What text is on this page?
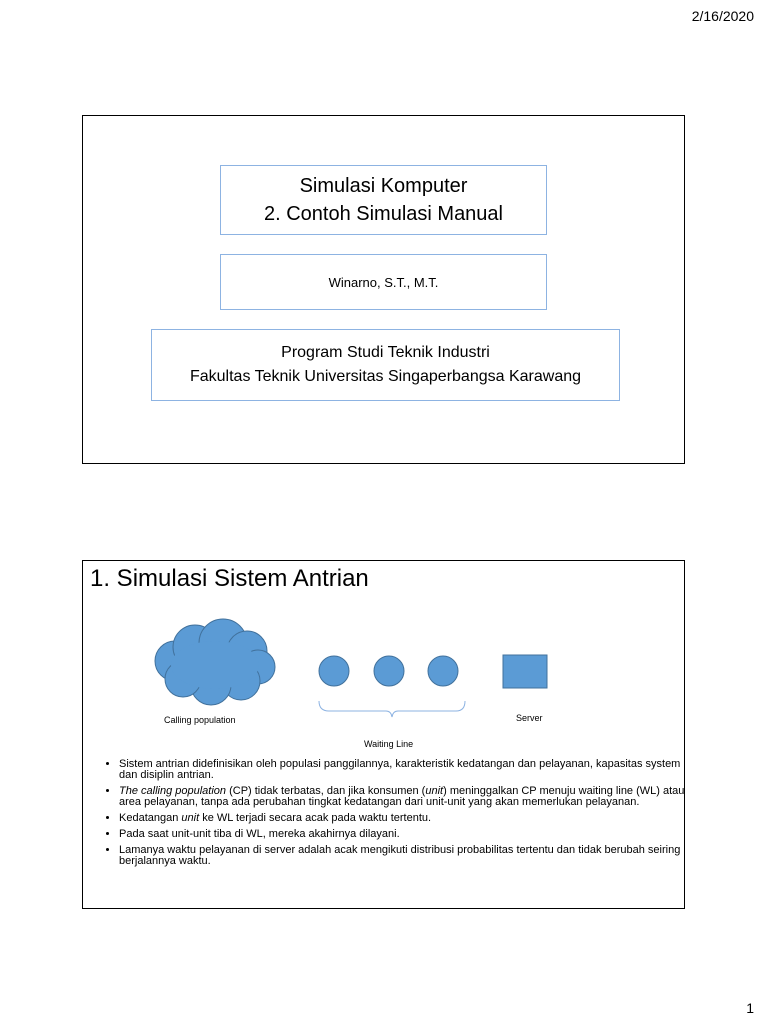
2/16/2020
Simulasi Komputer
2. Contoh Simulasi Manual
Winarno, S.T., M.T.
Program Studi Teknik Industri
Fakultas Teknik Universitas Singaperbangsa Karawang
1. Simulasi Sistem Antrian
Calling population	Server
Waiting Line
• Sistem antrian didefinisikan oleh populasi panggilannya, karakteristik kedatangan dan pelayanan, kapasitas system dan disiplin antrian.
• The calling population (CP) tidak terbatas, dan jika konsumen (unit) meninggalkan CP menuju waiting line (WL) atau area pelayanan, tanpa ada perubahan tingkat kedatangan dari unit-unit yang akan memerlukan pelayanan.
• Kedatangan unit ke WL terjadi secara acak pada waktu tertentu.
• Pada saat unit-unit tiba di WL, mereka akahirnya dilayani.
• Lamanya waktu pelayanan di server adalah acak mengikuti distribusi probabilitas tertentu dan tidak berubah seiring berjalannya waktu.
1
